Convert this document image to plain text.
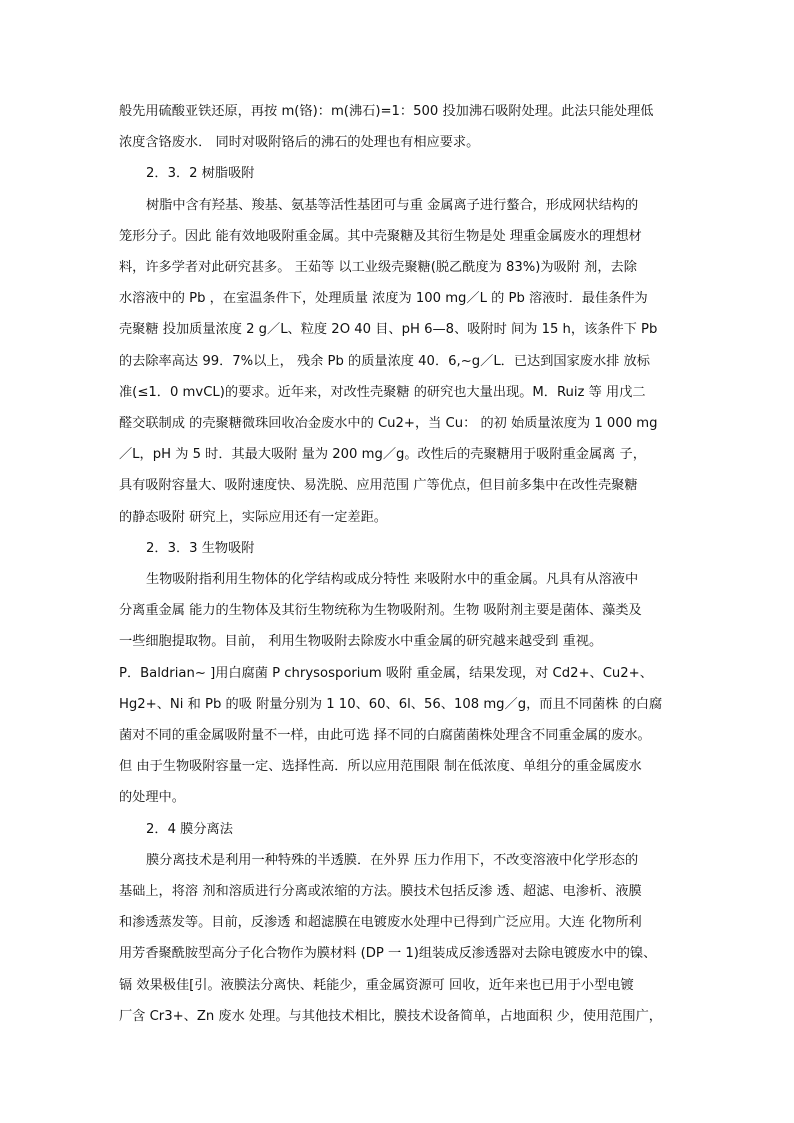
般先用硫酸亚铁还原，再按 m(铬)：m(沸石)=1：500 投加沸石吸附处理。此法只能处理低
浓度含铬废水． 同时对吸附铬后的沸石的处理也有相应要求。
2．3．2 树脂吸附
树脂中含有羟基、羧基、氨基等活性基团可与重 金属离子进行螯合，形成网状结构的
笼形分子。因此 能有效地吸附重金属。其中壳聚糖及其衍生物是处 理重金属废水的理想材
料，许多学者对此研究甚多。 王茹等 以工业级壳聚糖(脱乙酰度为 83%)为吸附 剂，去除
水溶液中的 Pb ，在室温条件下，处理质量 浓度为 100 mg／L 的 Pb 溶液时．最佳条件为
壳聚糖 投加质量浓度 2 g／L、粒度 2O 40 目、pH 6—8、吸附时 间为 15 h，该条件下 Pb
的去除率高达 99．7%以上， 残余 Pb 的质量浓度 40．6,~g／L．已达到国家废水排 放标
准(≤1．0 mvCL)的要求。近年来，对改性壳聚糖 的研究也大量出现。M．Ruiz 等 用戊二
醛交联制成 的壳聚糖微珠回收冶金废水中的 Cu2+，当 Cu： 的初 始质量浓度为 1 000 mg
／L，pH 为 5 时．其最大吸附 量为 200 mg／g。改性后的壳聚糖用于吸附重金属离 子，
具有吸附容量大、吸附速度快、易洗脱、应用范围 广等优点，但目前多集中在改性壳聚糖
的静态吸附 研究上，实际应用还有一定差距。
2．3．3 生物吸附
生物吸附指利用生物体的化学结构或成分特性 来吸附水中的重金属。凡具有从溶液中
分离重金属 能力的生物体及其衍生物统称为生物吸附剂。生物 吸附剂主要是菌体、藻类及
一些细胞提取物。目前， 利用生物吸附去除废水中重金属的研究越来越受到 重视。
P．Baldrian~ ]用白腐菌 P chrysosporium 吸附 重金属，结果发现，对 Cd2+、Cu2+、
Hg2+、Ni 和 Pb 的吸 附量分别为 1 10、60、6l、56、108 mg／g，而且不同菌株 的白腐
菌对不同的重金属吸附量不一样，由此可选 择不同的白腐菌菌株处理含不同重金属的废水。
但 由于生物吸附容量一定、选择性高．所以应用范围限 制在低浓度、单组分的重金属废水
的处理中。
2．4 膜分离法
膜分离技术是利用一种特殊的半透膜．在外界 压力作用下，不改变溶液中化学形态的
基础上，将溶 剂和溶质进行分离或浓缩的方法。膜技术包括反渗 透、超滤、电渗析、液膜
和渗透蒸发等。目前，反渗透 和超滤膜在电镀废水处理中已得到广泛应用。大连 化物所利
用芳香聚酰胺型高分子化合物作为膜材料 (DP 一 1)组装成反渗透器对去除电镀废水中的镍、
镉 效果极佳[引。液膜法分离快、耗能少，重金属资源可 回收，近年来也已用于小型电镀
厂含 Cr3+、Zn 废水 处理。与其他技术相比，膜技术设备简单，占地面积 少，使用范围广，
